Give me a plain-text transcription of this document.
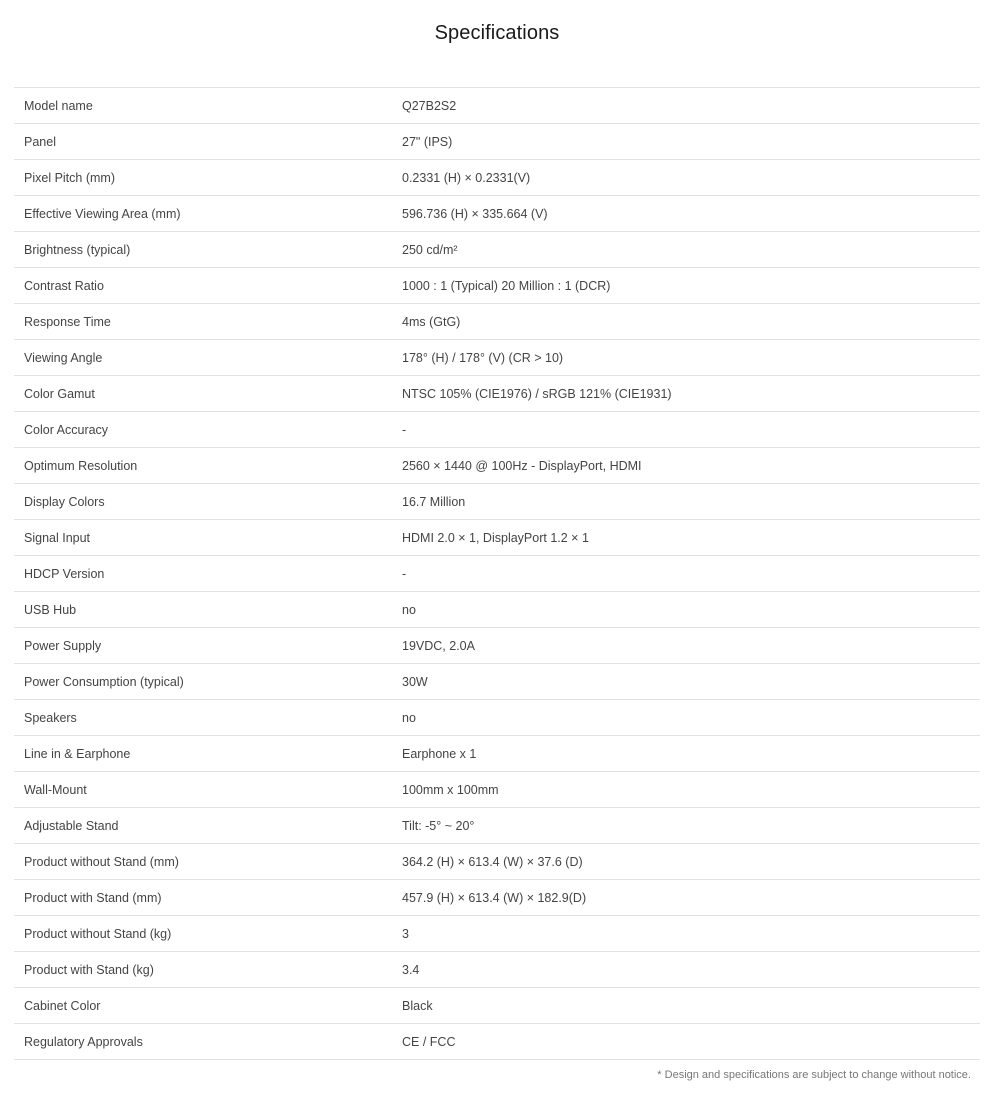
Specifications
Model name	Q27B2S2
Panel	27" (IPS)
Pixel Pitch (mm)	0.2331 (H) × 0.2331(V)
Effective Viewing Area (mm)	596.736 (H) × 335.664 (V)
Brightness (typical)	250 cd/m²
Contrast Ratio	1000 : 1 (Typical) 20 Million : 1 (DCR)
Response Time	4ms (GtG)
Viewing Angle	178° (H) / 178° (V) (CR > 10)
Color Gamut	NTSC 105% (CIE1976) / sRGB 121% (CIE1931)
Color Accuracy	-
Optimum Resolution	2560 × 1440 @ 100Hz - DisplayPort, HDMI
Display Colors	16.7 Million
Signal Input	HDMI 2.0 × 1, DisplayPort 1.2 × 1
HDCP Version	-
USB Hub	no
Power Supply	19VDC, 2.0A
Power Consumption (typical)	30W
Speakers	no
Line in & Earphone	Earphone x 1
Wall-Mount	100mm x 100mm
Adjustable Stand	Tilt: -5° ~ 20°
Product without Stand (mm)	364.2 (H) × 613.4 (W) × 37.6 (D)
Product with Stand (mm)	457.9 (H) × 613.4 (W) × 182.9(D)
Product without Stand (kg)	3
Product with Stand (kg)	3.4
Cabinet Color	Black
Regulatory Approvals	CE / FCC
* Design and specifications are subject to change without notice.
